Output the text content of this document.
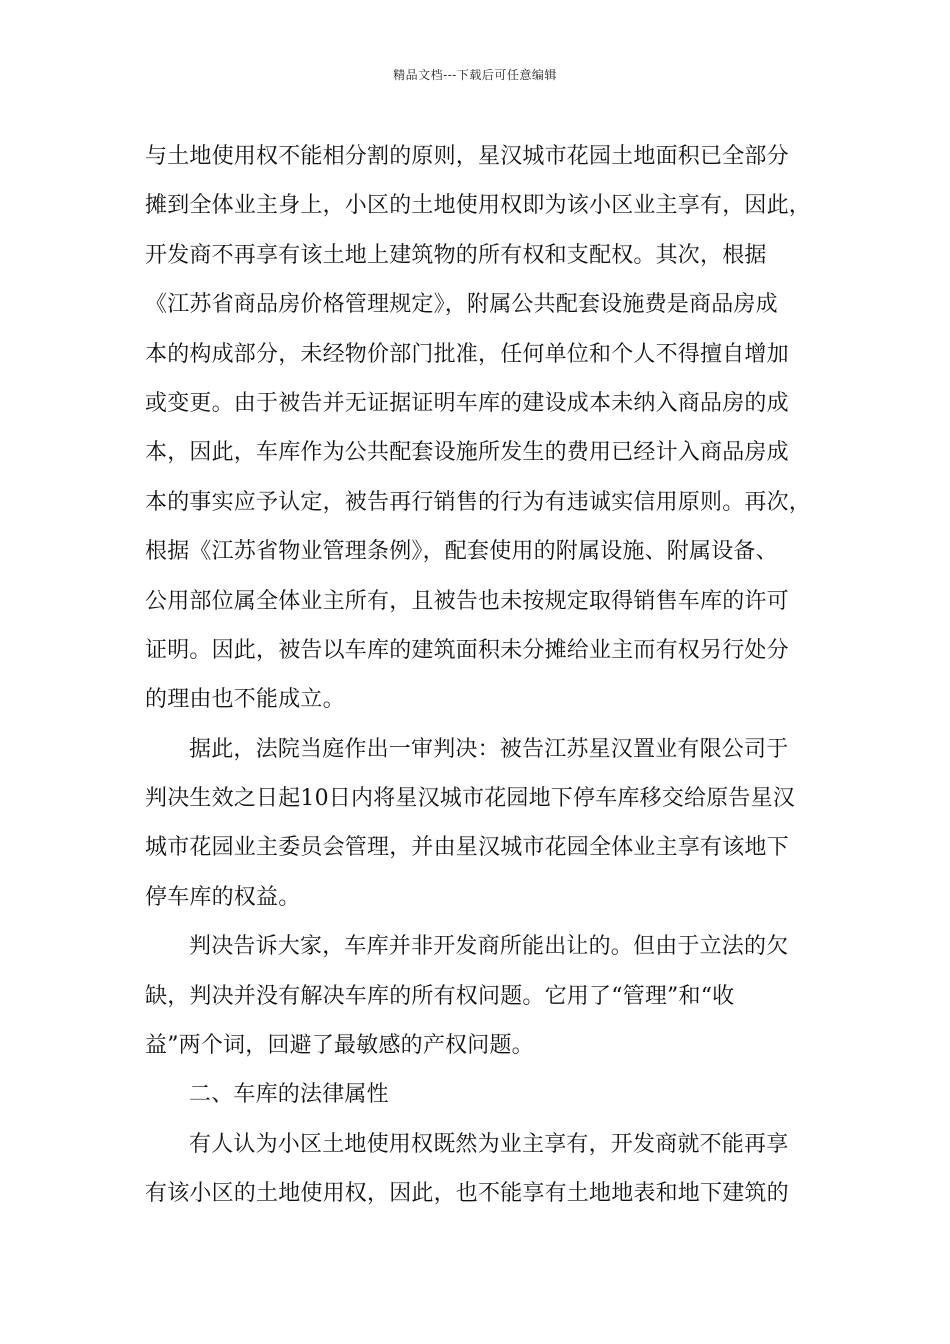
精品文档---下载后可任意编辑
与土地使用权不能相分割的原则，星汉城市花园土地面积已全部分
摊到全体业主身上，小区的土地使用权即为该小区业主享有，因此，
开发商不再享有该土地上建筑物的所有权和支配权。其次，根据
《江苏省商品房价格管理规定》，附属公共配套设施费是商品房成
本的构成部分，未经物价部门批准，任何单位和个人不得擅自增加
或变更。由于被告并无证据证明车库的建设成本未纳入商品房的成
本，因此，车库作为公共配套设施所发生的费用已经计入商品房成
本的事实应予认定，被告再行销售的行为有违诚实信用原则。再次，
根据《江苏省物业管理条例》，配套使用的附属设施、附属设备、
公用部位属全体业主所有，且被告也未按规定取得销售车库的许可
证明。因此，被告以车库的建筑面积未分摊给业主而有权另行处分
的理由也不能成立。
据此，法院当庭作出一审判决：被告江苏星汉置业有限公司于
判决生效之日起10日内将星汉城市花园地下停车库移交给原告星汉
城市花园业主委员会管理，并由星汉城市花园全体业主享有该地下
停车库的权益。
判决告诉大家，车库并非开发商所能出让的。但由于立法的欠
缺，判决并没有解决车库的所有权问题。它用了“管理”和“收
益”两个词，回避了最敏感的产权问题。
二、车库的法律属性
有人认为小区土地使用权既然为业主享有，开发商就不能再享
有该小区的土地使用权，因此，也不能享有土地地表和地下建筑的
